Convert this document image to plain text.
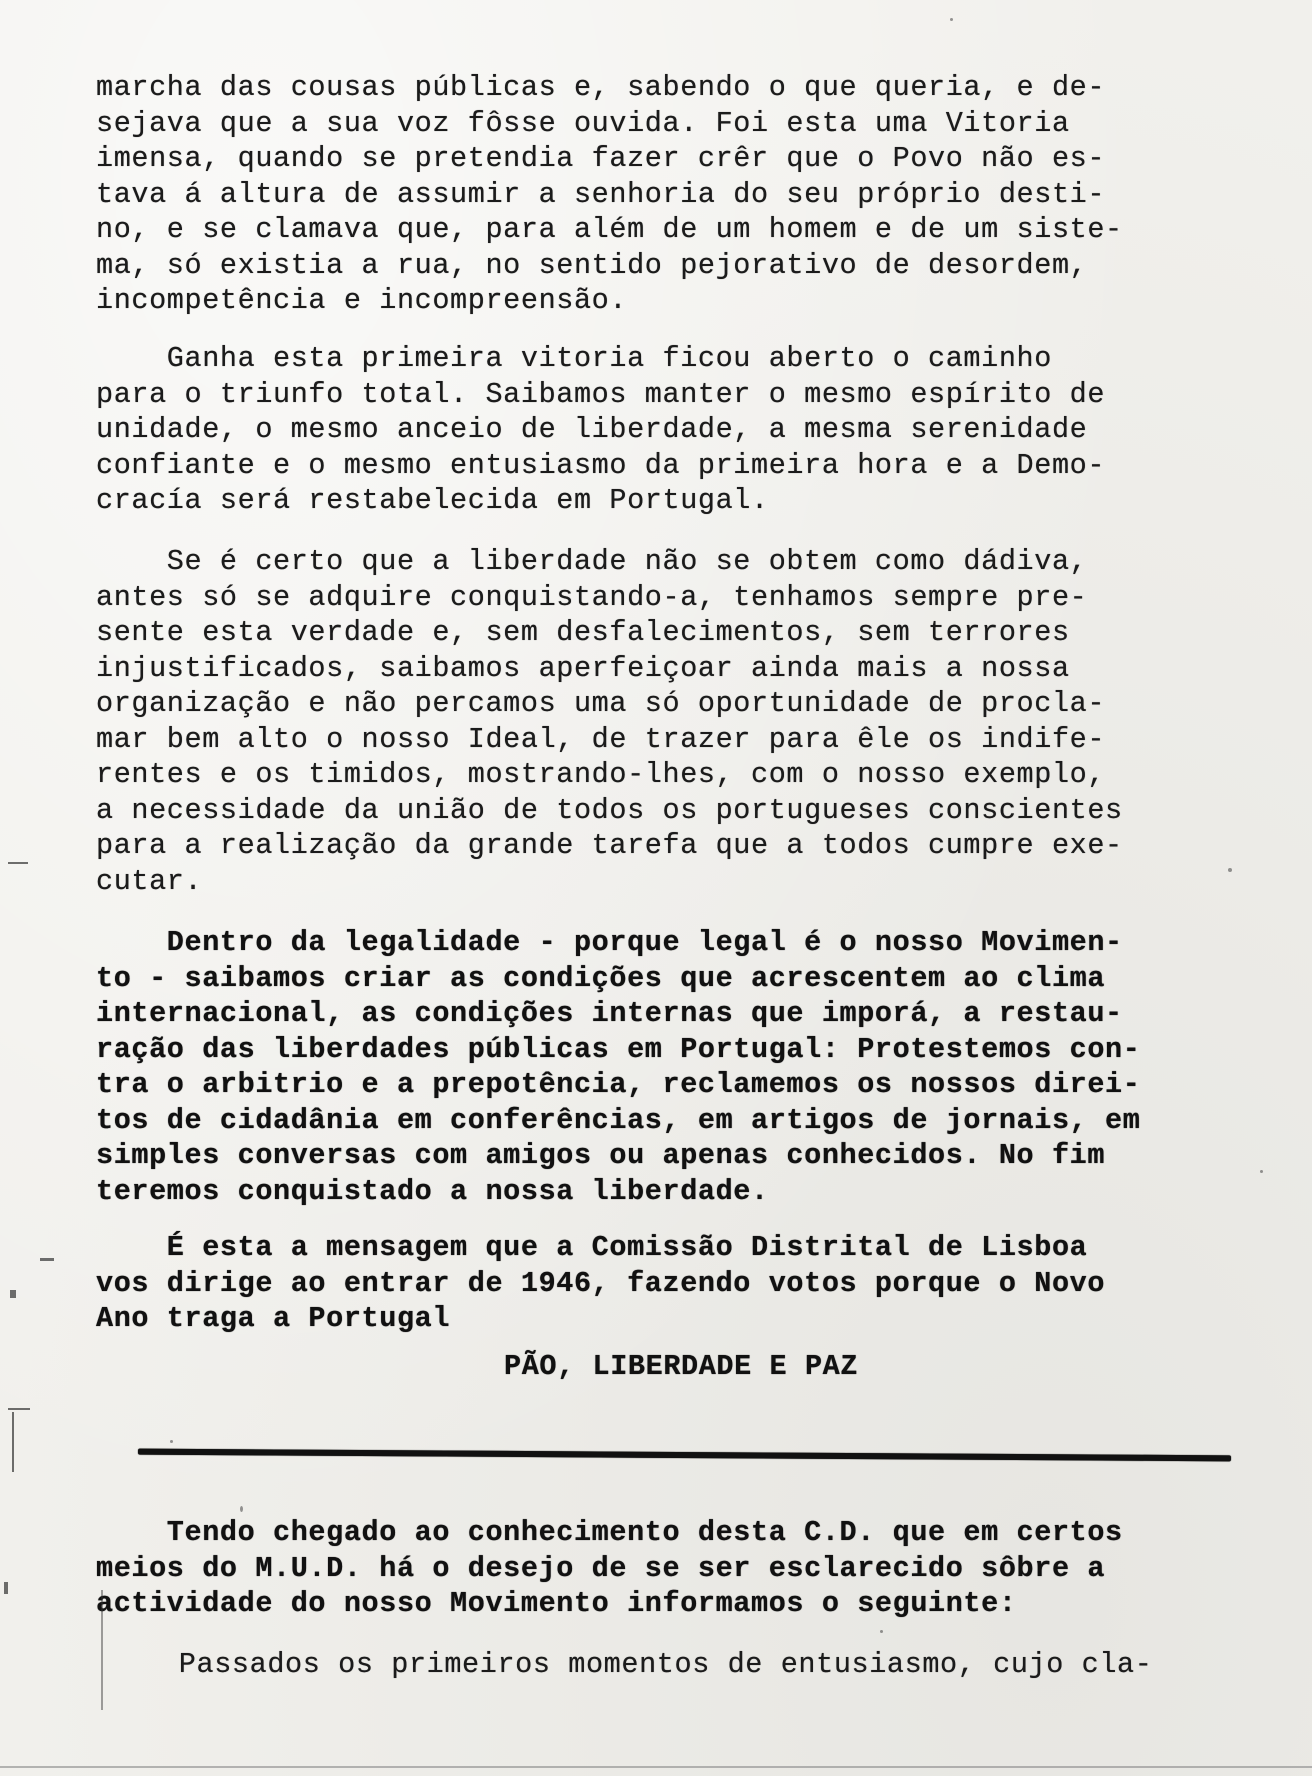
marcha das cousas públicas e, sabendo o que queria, e de-
sejava que a sua voz fôsse ouvida. Foi esta uma Vitoria
imensa, quando se pretendia fazer crêr que o Povo não es-
tava á altura de assumir a senhoria do seu próprio desti-
no, e se clamava que, para além de um homem e de um siste-
ma, só existia a rua, no sentido pejorativo de desordem,
incompetência e incompreensão.
Ganha esta primeira vitoria ficou aberto o caminho
para o triunfo total. Saibamos manter o mesmo espírito de
unidade, o mesmo anceio de liberdade, a mesma serenidade
confiante e o mesmo entusiasmo da primeira hora e a Demo-
cracía será restabelecida em Portugal.
Se é certo que a liberdade não se obtem como dádiva,
antes só se adquire conquistando-a, tenhamos sempre pre-
sente esta verdade e, sem desfalecimentos, sem terrores
injustificados, saibamos aperfeiçoar ainda mais a nossa
organização e não percamos uma só oportunidade de procla-
mar bem alto o nosso Ideal, de trazer para êle os indife-
rentes e os timidos, mostrando-lhes, com o nosso exemplo,
a necessidade da união de todos os portugueses conscientes
para a realização da grande tarefa que a todos cumpre exe-
cutar.
Dentro da legalidade - porque legal é o nosso Movimen-
to - saibamos criar as condições que acrescentem ao clima
internacional, as condições internas que imporá, a restau-
ração das liberdades públicas em Portugal: Protestemos con-
tra o arbitrio e a prepotência, reclamemos os nossos direi-
tos de cidadânia em conferências, em artigos de jornais, em
simples conversas com amigos ou apenas conhecidos. No fim
teremos conquistado a nossa liberdade.
É esta a mensagem que a Comissão Distrital de Lisboa
vos dirige ao entrar de 1946, fazendo votos porque o Novo
Ano traga a Portugal
PÃO, LIBERDADE E PAZ
Tendo chegado ao conhecimento desta C.D. que em certos
meios do M.U.D. há o desejo de se ser esclarecido sôbre a
actividade do nosso Movimento informamos o seguinte:
Passados os primeiros momentos de entusiasmo, cujo cla-
